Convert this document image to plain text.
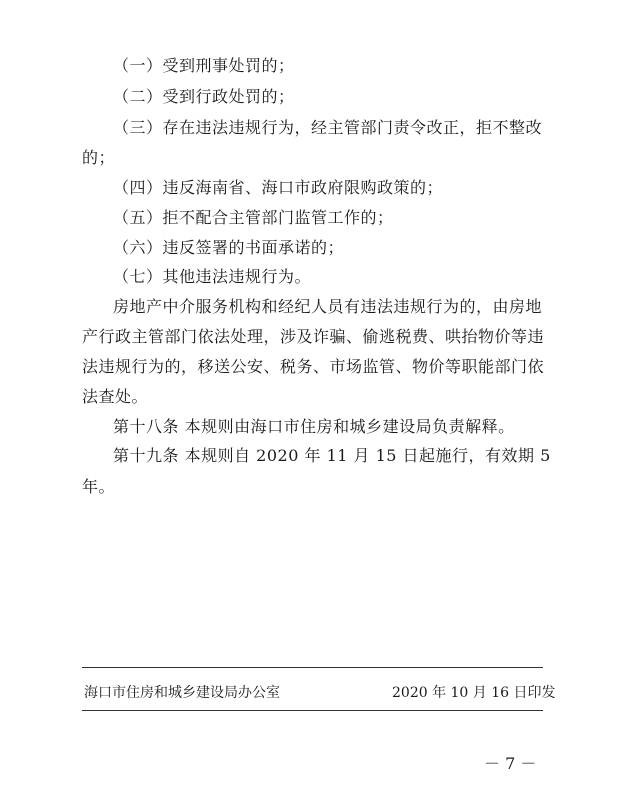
（一）受到刑事处罚的；
（二）受到行政处罚的；
（三）存在违法违规行为，经主管部门责令改正，拒不整改
的；
（四）违反海南省、海口市政府限购政策的；
（五）拒不配合主管部门监管工作的；
（六）违反签署的书面承诺的；
（七）其他违法违规行为。
房地产中介服务机构和经纪人员有违法违规行为的，由房地
产行政主管部门依法处理，涉及诈骗、偷逃税费、哄抬物价等违
法违规行为的，移送公安、税务、市场监管、物价等职能部门依
法查处。
第十八条 本规则由海口市住房和城乡建设局负责解释。
第十九条 本规则自 2020 年 11 月 15 日起施行，有效期 5
年。
海口市住房和城乡建设局办公室	2020 年 10 月 16 日印发
－ 7 －
